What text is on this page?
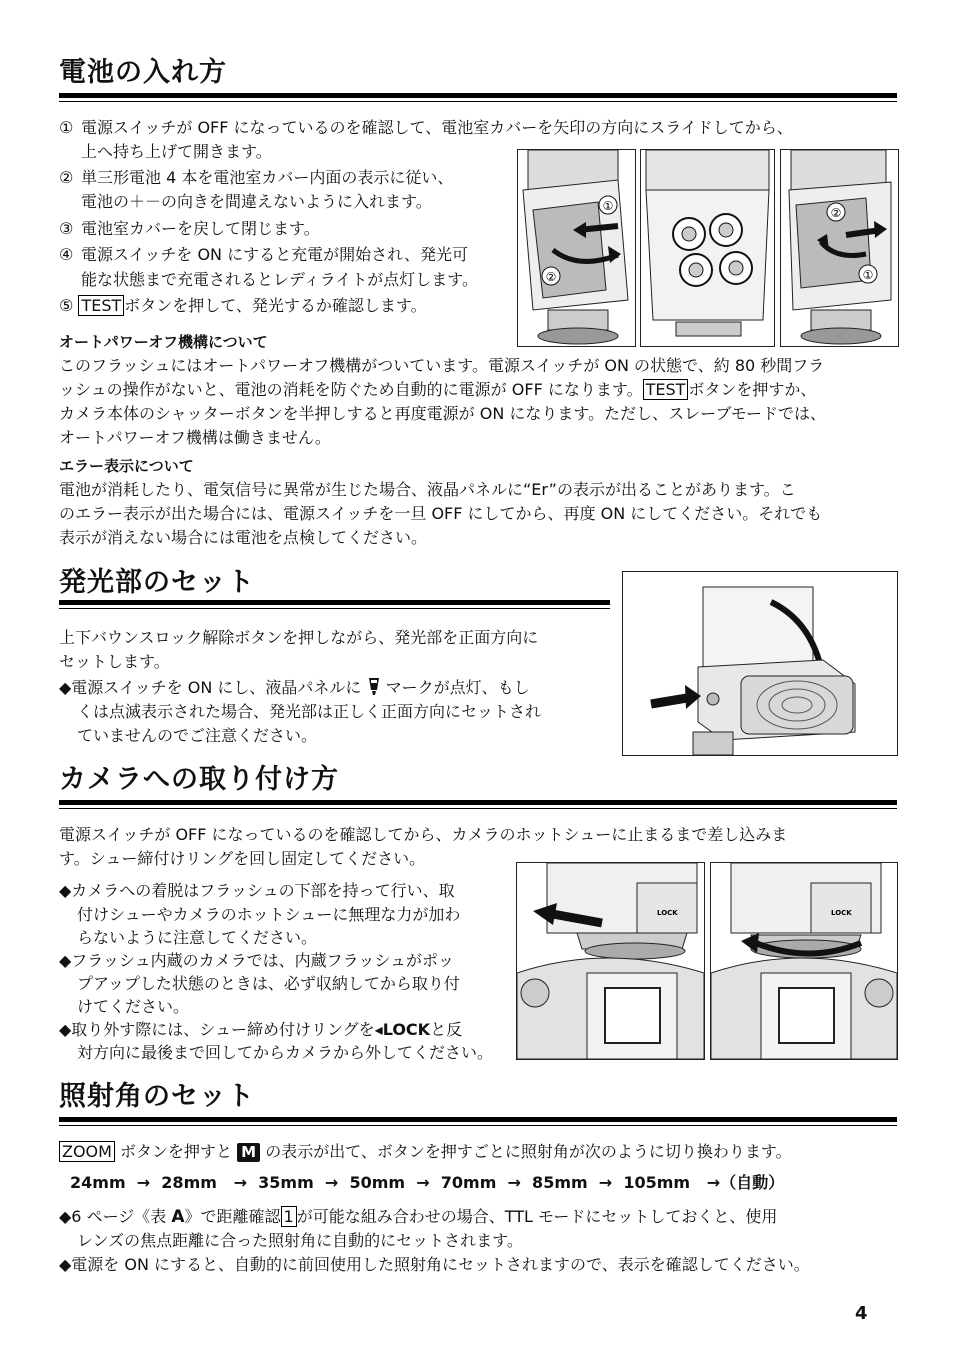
電池の入れ方
① 電源スイッチが OFF になっているのを確認して、電池室カバーを矢印の方向にスライドしてから、
上へ持ち上げて開きます。
② 単三形電池 4 本を電池室カバー内面の表示に従い、
電池の＋－の向きを間違えないように入れます。
③ 電池室カバーを戻して閉じます。
④ 電源スイッチを ON にすると充電が開始され、発光可
能な状態まで充電されるとレディライトが点灯します。
⑤ TEST ボタンを押して、発光するか確認します。
①
②
②
①
オートパワーオフ機構について
このフラッシュにはオートパワーオフ機構がついています。電源スイッチが ON の状態で、約 80 秒間フラ
ッシュの操作がないと、電池の消耗を防ぐため自動的に電源が OFF になります。 TEST ボタンを押すか、
カメラ本体のシャッターボタンを半押しすると再度電源が ON になります。ただし、スレーブモードでは、
オートパワーオフ機構は働きません。
エラー表示について
電池が消耗したり、電気信号に異常が生じた場合、液晶パネルに“Er”の表示が出ることがあります。こ
のエラー表示が出た場合には、電源スイッチを一旦 OFF にしてから、再度 ON にしてください。それでも
表示が消えない場合には電池を点検してください。
発光部のセット
上下バウンスロック解除ボタンを押しながら、発光部を正面方向に
セットします。
◆電源スイッチを ON にし、液晶パネルに マークが点灯、もし
くは点滅表示された場合、発光部は正しく正面方向にセットされ
ていませんのでご注意ください。
カメラへの取り付け方
電源スイッチが OFF になっているのを確認してから、カメラのホットシューに止まるまで差し込みま
す。シュー締付けリングを回し固定してください。
◆カメラへの着脱はフラッシュの下部を持って行い、取
付けシューやカメラのホットシューに無理な力が加わ
らないように注意してください。
◆フラッシュ内蔵のカメラでは、内蔵フラッシュがポッ
プアップした状態のときは、必ず収納してから取り付
けてください。
◆取り外す際には、シュー締め付けリングを◂LOCKと反
対方向に最後まで回してからカメラから外してください。
LOCK	LOCK
照射角のセット
ZOOM ボタンを押すと M の表示が出て、ボタンを押すごとに照射角が次のように切り換わります。
24mm  →  28mm   →  35mm  →  50mm  →  70mm  →  85mm  →  105mm   →（自動）
◆6 ページ《表 A》で距離確認 1 が可能な組み合わせの場合、TTL モードにセットしておくと、使用
レンズの焦点距離に合った照射角に自動的にセットされます。
◆電源を ON にすると、自動的に前回使用した照射角にセットされますので、表示を確認してください。
4
